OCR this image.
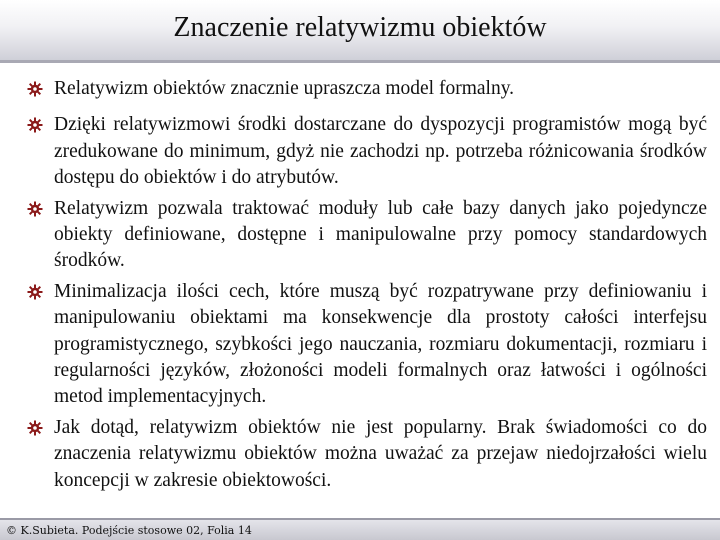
Znaczenie relatywizmu obiektów
Relatywizm obiektów znacznie upraszcza model formalny.
Dzięki relatywizmowi środki dostarczane do dyspozycji programistów mogą być zredukowane do minimum, gdyż nie zachodzi np. potrzeba różnicowania środków dostępu do obiektów i do atrybutów.
Relatywizm pozwala traktować moduły lub całe bazy danych jako pojedyncze obiekty definiowane, dostępne i manipulowalne przy pomocy standardowych środków.
Minimalizacja ilości cech, które muszą być rozpatrywane przy definiowaniu i manipulowaniu obiektami ma konsekwencje dla prostoty całości interfejsu programistycznego, szybkości jego nauczania, rozmiaru dokumentacji, rozmiaru i regularności języków, złożoności modeli formalnych oraz łatwości i ogólności metod implementacyjnych.
Jak dotąd, relatywizm obiektów nie jest popularny. Brak świadomości co do znaczenia relatywizmu obiektów można uważać za przejaw niedojrzałości wielu koncepcji w zakresie obiektowości.
© K.Subieta. Podejście stosowe 02, Folia 14
